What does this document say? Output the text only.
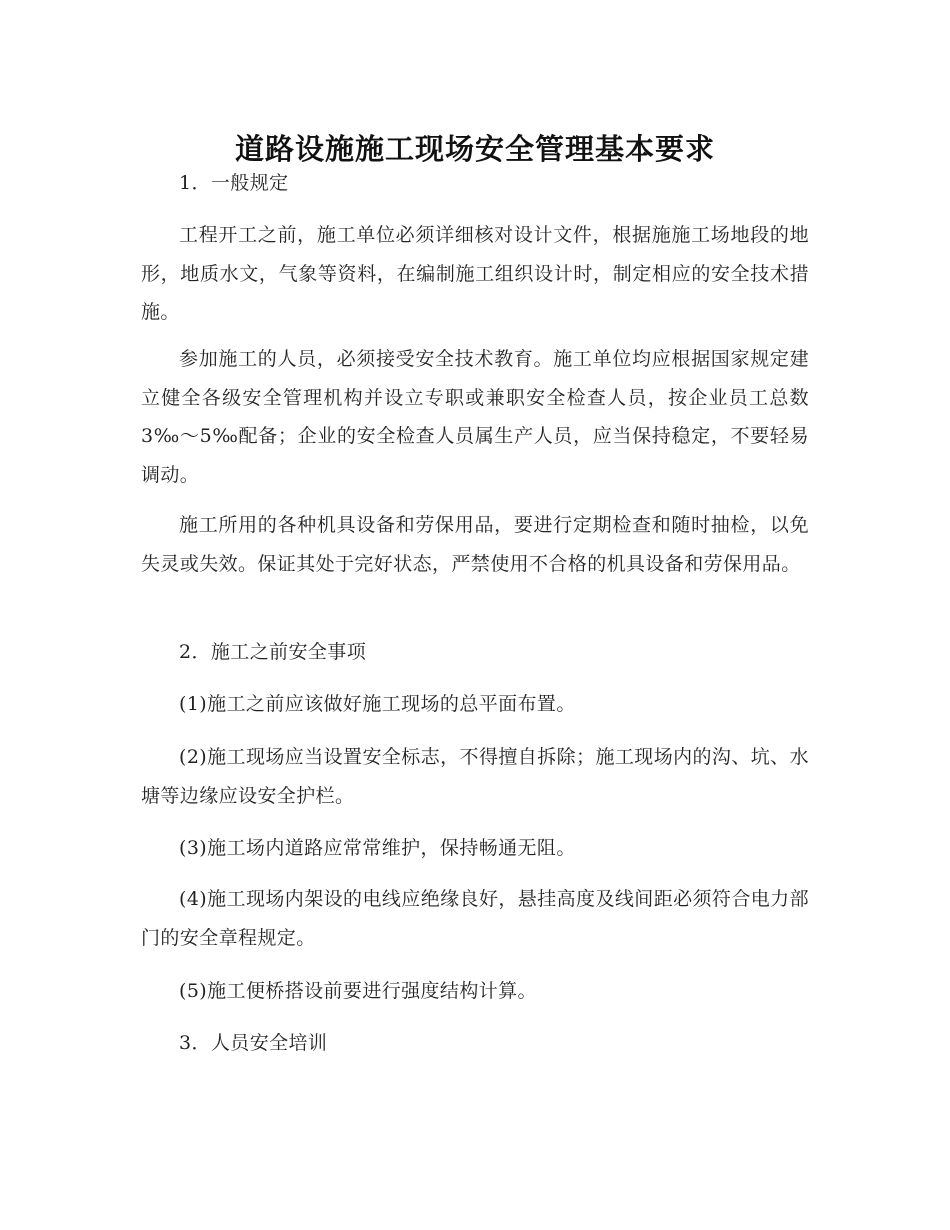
道路设施施工现场安全管理基本要求

1．一般规定

工程开工之前，施工单位必须详细核对设计文件，根据施施工场地段的地形，地质水文，气象等资料，在编制施工组织设计时，制定相应的安全技术措施。

参加施工的人员，必须接受安全技术教育。施工单位均应根据国家规定建立健全各级安全管理机构并设立专职或兼职安全检查人员，按企业员工总数3‰～5‰配备；企业的安全检查人员属生产人员，应当保持稳定，不要轻易调动。

施工所用的各种机具设备和劳保用品，要进行定期检查和随时抽检，以免失灵或失效。保证其处于完好状态，严禁使用不合格的机具设备和劳保用品。

2．施工之前安全事项

(1)施工之前应该做好施工现场的总平面布置。

(2)施工现场应当设置安全标志，不得擅自拆除；施工现场内的沟、坑、水塘等边缘应设安全护栏。

(3)施工场内道路应常常维护，保持畅通无阻。

(4)施工现场内架设的电线应绝缘良好，悬挂高度及线间距必须符合电力部门的安全章程规定。

(5)施工便桥搭设前要进行强度结构计算。

3．人员安全培训
